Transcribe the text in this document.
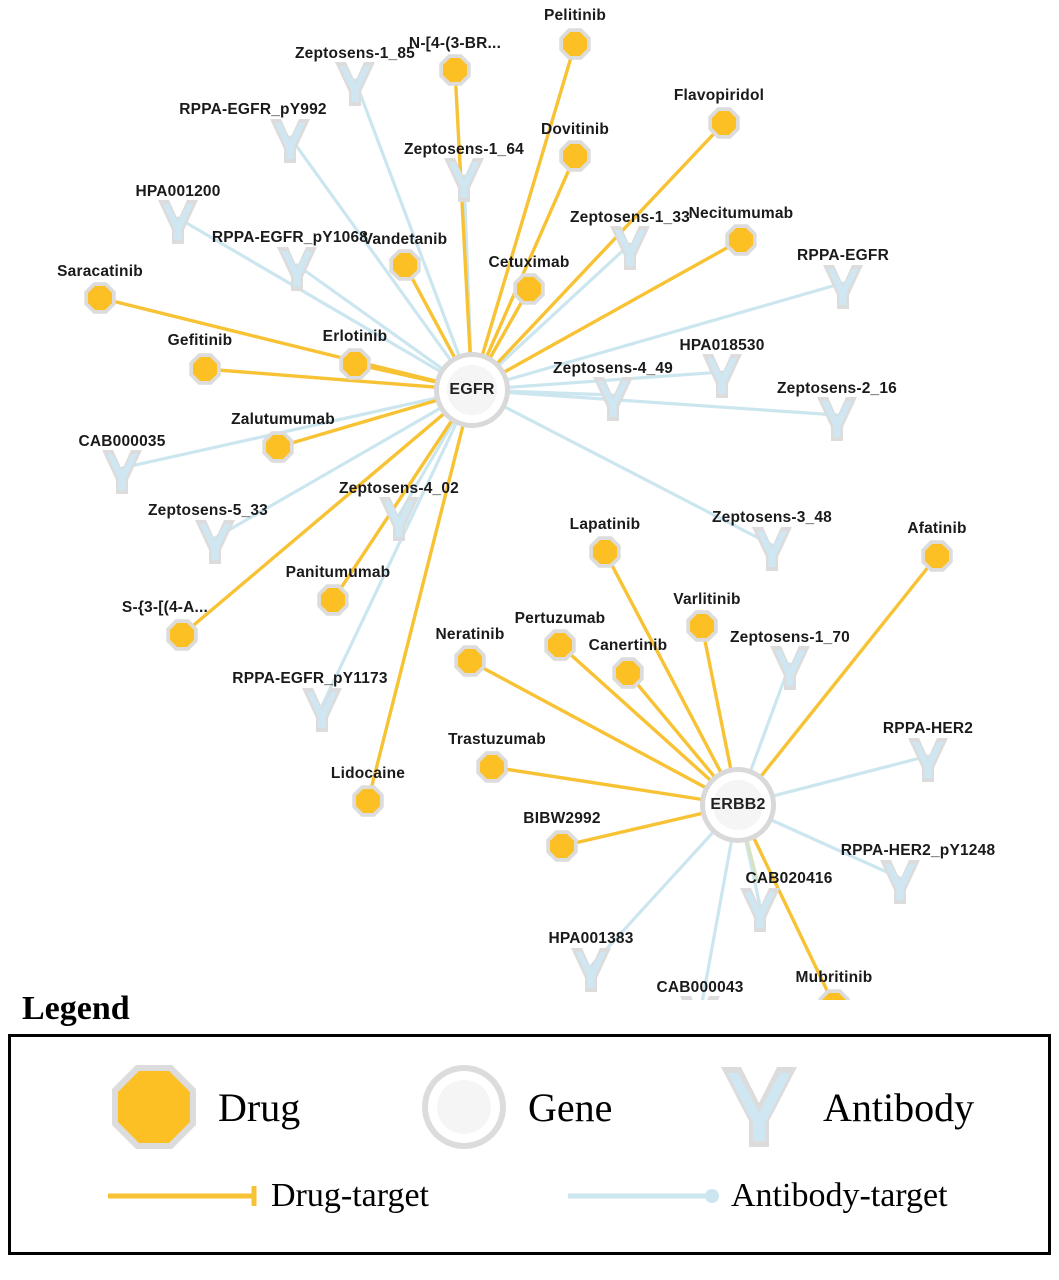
Pelitinib
N-[4-(3-BR...
Flavopiridol
Dovitinib
Necitumumab
Vandetanib
Cetuximab
Saracatinib
Gefitinib	Erlotinib
Zalutumumab
Lapatinib	Afatinib
Varlitinib
Panitumumab
S-{3-[(4-A...
Pertuzumab
Neratinib
Canertinib
Trastuzumab
Lidocaine
BIBW2992
Mubritinib
Zeptosens-1_85
RPPA-EGFR_pY992
Zeptosens-1_64
HPA001200
Zeptosens-1_33
RPPA-EGFR_pY1068
RPPA-EGFR
HPA018530
Zeptosens-4_49
Zeptosens-2_16
CAB000035
Zeptosens-4_02
Zeptosens-5_33	Zeptosens-3_48
Zeptosens-1_70
RPPA-EGFR_pY1173
RPPA-HER2
RPPA-HER2_pY1248
CAB020416
HPA001383
CAB000043
EGFR
ERBB2
Legend
Drug	Gene	Antibody
Drug-target	Antibody-target
